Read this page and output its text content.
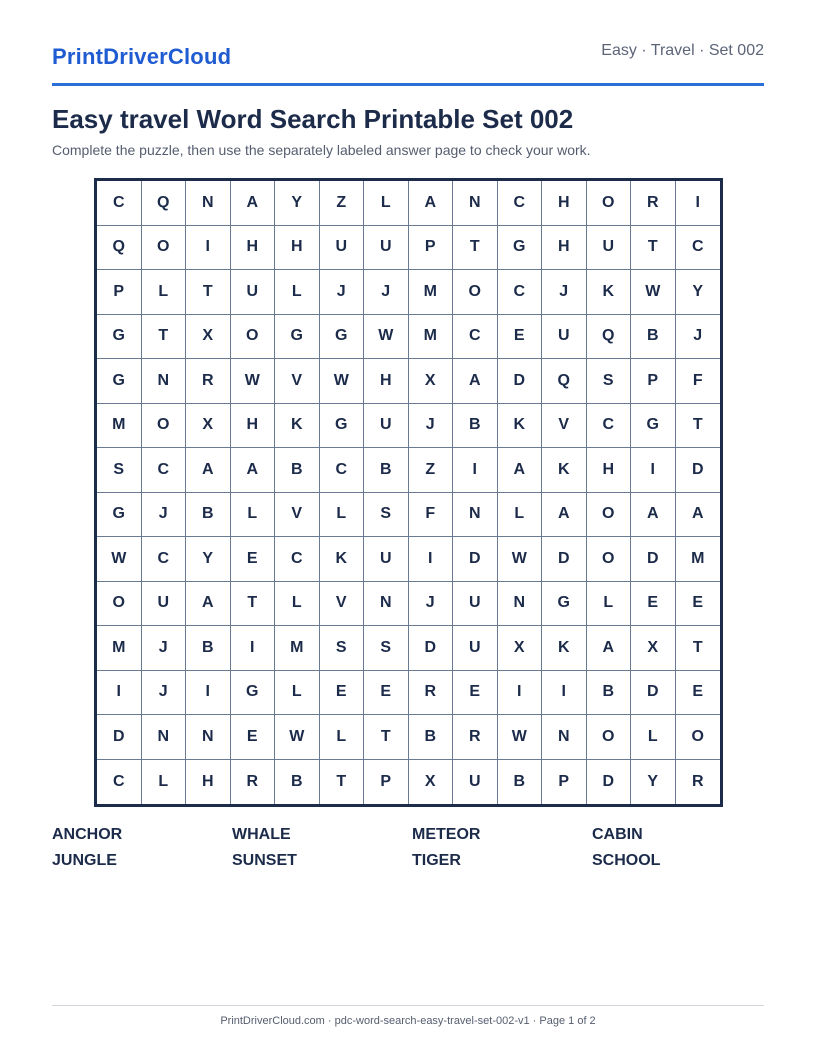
PrintDriverCloud	Easy · Travel · Set 002
Easy travel Word Search Printable Set 002

Complete the puzzle, then use the separately labeled answer page to check your work.

C	Q	N	A	Y	Z	L	A	N	C	H	O	R	I
Q	O	I	H	H	U	U	P	T	G	H	U	T	C
P	L	T	U	L	J	J	M	O	C	J	K	W	Y
G	T	X	O	G	G	W	M	C	E	U	Q	B	J
G	N	R	W	V	W	H	X	A	D	Q	S	P	F
M	O	X	H	K	G	U	J	B	K	V	C	G	T
S	C	A	A	B	C	B	Z	I	A	K	H	I	D
G	J	B	L	V	L	S	F	N	L	A	O	A	A
W	C	Y	E	C	K	U	I	D	W	D	O	D	M
O	U	A	T	L	V	N	J	U	N	G	L	E	E
M	J	B	I	M	S	S	D	U	X	K	A	X	T
I	J	I	G	L	E	E	R	E	I	I	B	D	E
D	N	N	E	W	L	T	B	R	W	N	O	L	O
C	L	H	R	B	T	P	X	U	B	P	D	Y	R
ANCHOR	WHALE	METEOR	CABIN
JUNGLE	SUNSET	TIGER	SCHOOL
PrintDriverCloud.com · pdc-word-search-easy-travel-set-002-v1 · Page 1 of 2
